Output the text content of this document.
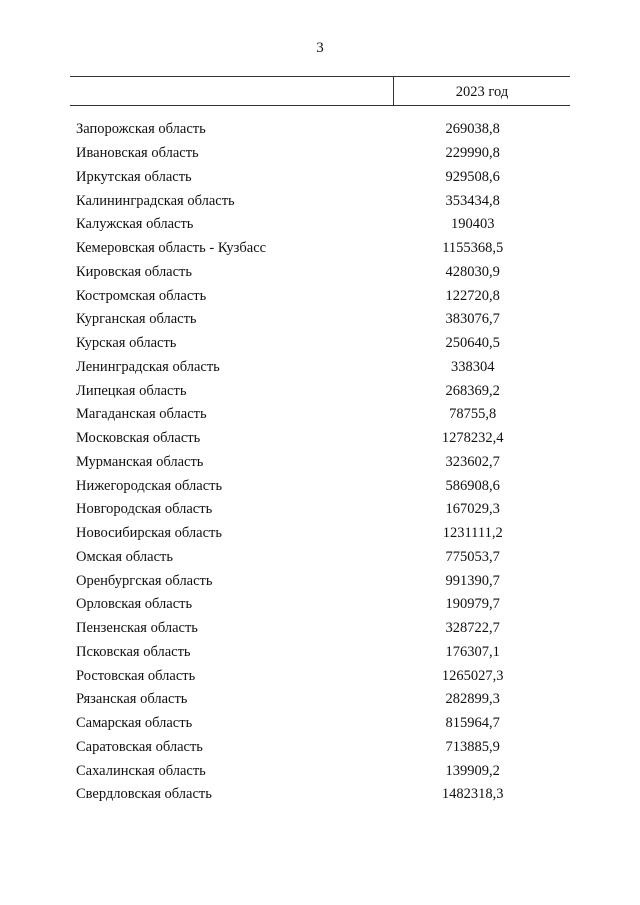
3
2023 год
Запорожская область	269038,8
Ивановская область	229990,8
Иркутская область	929508,6
Калининградская область	353434,8
Калужская область	190403
Кемеровская область - Кузбасс	1155368,5
Кировская область	428030,9
Костромская область	122720,8
Курганская область	383076,7
Курская область	250640,5
Ленинградская область	338304
Липецкая область	268369,2
Магаданская область	78755,8
Московская область	1278232,4
Мурманская область	323602,7
Нижегородская область	586908,6
Новгородская область	167029,3
Новосибирская область	1231111,2
Омская область	775053,7
Оренбургская область	991390,7
Орловская область	190979,7
Пензенская область	328722,7
Псковская область	176307,1
Ростовская область	1265027,3
Рязанская область	282899,3
Самарская область	815964,7
Саратовская область	713885,9
Сахалинская область	139909,2
Свердловская область	1482318,3
